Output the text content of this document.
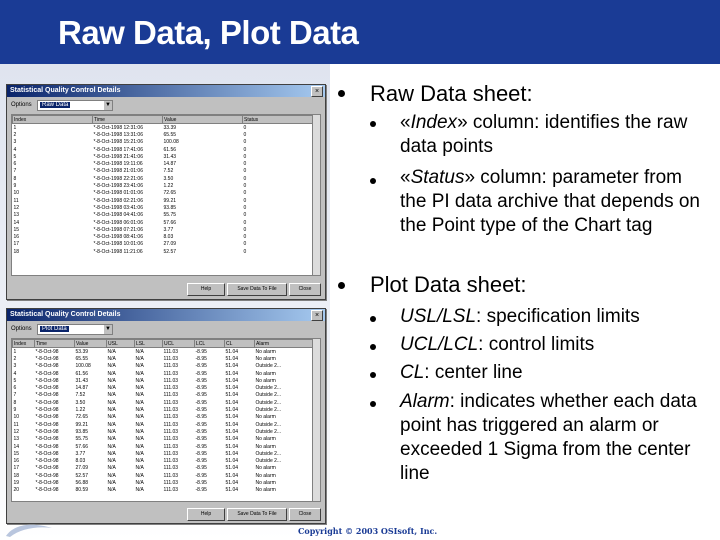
Raw Data, Plot Data
Statistical Quality Control Details	×
Options	Raw Data	▼
Index	Time	Value	Status
1	*-8-Oct-1998 12:31:06	33.39	0
2	*-8-Oct-1998 13:31:06	65.55	0
3	*-8-Oct-1998 15:21:06	100.08	0
4	*-8-Oct-1998 17:41:06	61.56	0
5	*-8-Oct-1998 21:41:06	31.43	0
6	*-8-Oct-1998 19:11:06	14.87	0
7	*-8-Oct-1998 21:01:06	7.52	0
8	*-8-Oct-1998 22:21:06	3.50	0
9	*-8-Oct-1998 23:41:06	1.22	0
10	*-8-Oct-1998 01:01:06	72.65	0
11	*-8-Oct-1998 02:21:06	99.21	0
12	*-8-Oct-1998 03:41:06	93.85	0
13	*-8-Oct-1998 04:41:06	55.75	0
14	*-8-Oct-1998 06:01:06	57.66	0
15	*-8-Oct-1998 07:21:06	3.77	0
16	*-8-Oct-1998 08:41:06	8.03	0
17	*-8-Oct-1998 10:01:06	27.09	0
18	*-8-Oct-1998 11:21:06	52.57	0
Help	Save Data To File	Close
Statistical Quality Control Details	×
Options	Plot Data	▼
Index	Time	Value	USL	LSL	UCL	LCL	CL	Alarm
1	*-8-Oct-98	53.39	N/A	N/A	111.03	-8.95	51.04	No alarm
2	*-8-Oct-98	65.55	N/A	N/A	111.03	-8.95	51.04	No alarm
3	*-8-Oct-98	100.08	N/A	N/A	111.03	-8.95	51.04	Outside 2...
4	*-8-Oct-98	61.56	N/A	N/A	111.03	-8.95	51.04	No alarm
5	*-8-Oct-98	31.43	N/A	N/A	111.03	-8.95	51.04	No alarm
6	*-8-Oct-98	14.87	N/A	N/A	111.03	-8.95	51.04	Outside 2...
7	*-8-Oct-98	7.52	N/A	N/A	111.03	-8.95	51.04	Outside 2...
8	*-8-Oct-98	3.50	N/A	N/A	111.03	-8.95	51.04	Outside 2...
9	*-8-Oct-98	1.22	N/A	N/A	111.03	-8.95	51.04	Outside 2...
10	*-8-Oct-98	72.65	N/A	N/A	111.03	-8.95	51.04	No alarm
11	*-8-Oct-98	99.21	N/A	N/A	111.03	-8.95	51.04	Outside 2...
12	*-8-Oct-98	93.85	N/A	N/A	111.03	-8.95	51.04	Outside 2...
13	*-8-Oct-98	55.75	N/A	N/A	111.03	-8.95	51.04	No alarm
14	*-8-Oct-98	57.66	N/A	N/A	111.03	-8.95	51.04	No alarm
15	*-8-Oct-98	3.77	N/A	N/A	111.03	-8.95	51.04	Outside 2...
16	*-8-Oct-98	8.03	N/A	N/A	111.03	-8.95	51.04	Outside 2...
17	*-8-Oct-98	27.09	N/A	N/A	111.03	-8.95	51.04	No alarm
18	*-8-Oct-98	52.57	N/A	N/A	111.03	-8.95	51.04	No alarm
19	*-8-Oct-98	56.88	N/A	N/A	111.03	-8.95	51.04	No alarm
20	*-8-Oct-98	80.59	N/A	N/A	111.03	-8.95	51.04	No alarm
Help	Save Data To File	Close
Raw Data sheet:
«Index» column: identifies the raw data points
«Status» column: parameter from the PI data archive that depends on the Point type of the Chart tag
Plot Data sheet:
USL/LSL: specification limits
UCL/LCL: control limits
CL: center line
Alarm: indicates whether each data point has triggered an alarm or exceeded 1 Sigma from the center line
Copyright © 2003 OSIsoft, Inc.
